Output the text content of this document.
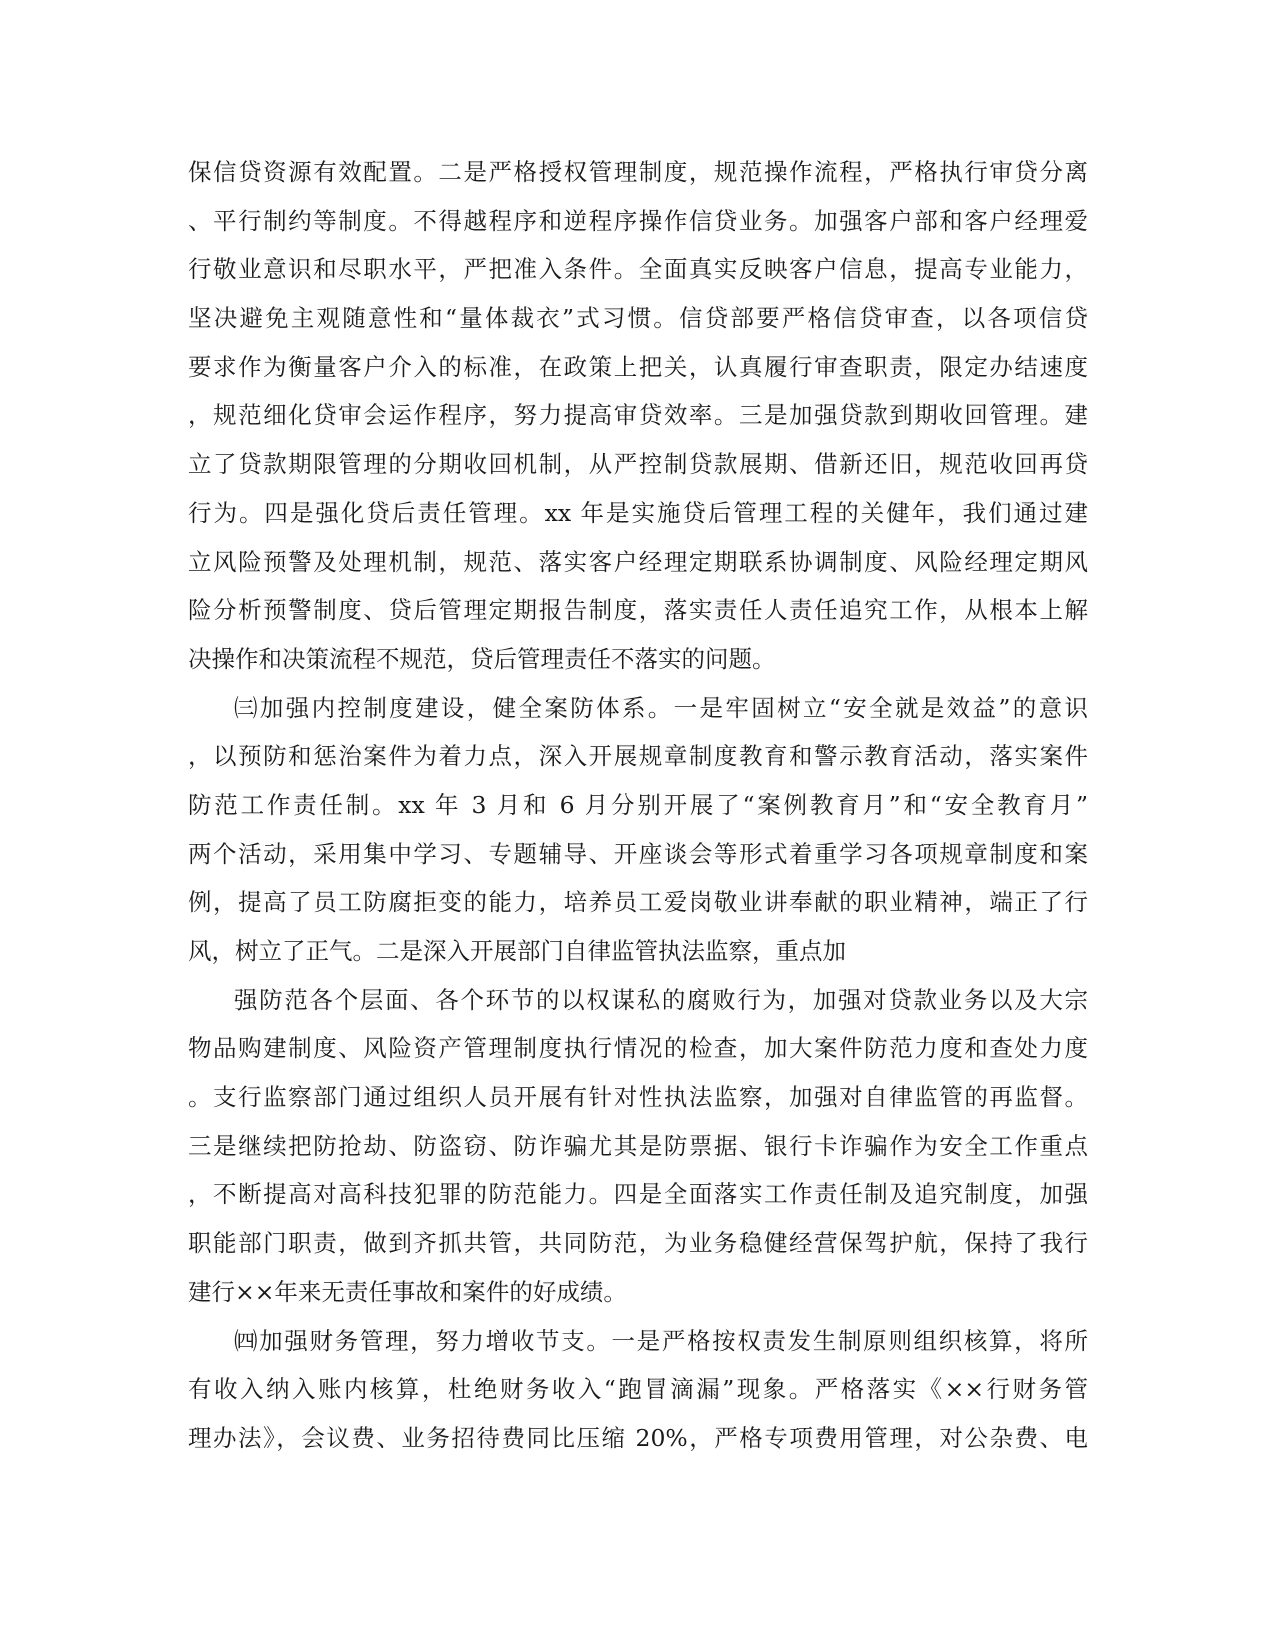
保信贷资源有效配置。二是严格授权管理制度，规范操作流程，严格执行审贷分离
、平行制约等制度。不得越程序和逆程序操作信贷业务。加强客户部和客户经理爱
行敬业意识和尽职水平，严把准入条件。全面真实反映客户信息，提高专业能力，
坚决避免主观随意性和“量体裁衣”式习惯。信贷部要严格信贷审查，以各项信贷
要求作为衡量客户介入的标准，在政策上把关，认真履行审查职责，限定办结速度
，规范细化贷审会运作程序，努力提高审贷效率。三是加强贷款到期收回管理。建
立了贷款期限管理的分期收回机制，从严控制贷款展期、借新还旧，规范收回再贷
行为。四是强化贷后责任管理。xx 年是实施贷后管理工程的关健年，我们通过建
立风险预警及处理机制，规范、落实客户经理定期联系协调制度、风险经理定期风
险分析预警制度、贷后管理定期报告制度，落实责任人责任追究工作，从根本上解
决操作和决策流程不规范，贷后管理责任不落实的问题。
㈢加强内控制度建设，健全案防体系。一是牢固树立“安全就是效益”的意识
，以预防和惩治案件为着力点，深入开展规章制度教育和警示教育活动，落实案件
防范工作责任制。xx 年 3 月和 6 月分别开展了“案例教育月”和“安全教育月”
两个活动，采用集中学习、专题辅导、开座谈会等形式着重学习各项规章制度和案
例，提高了员工防腐拒变的能力，培养员工爱岗敬业讲奉献的职业精神，端正了行
风，树立了正气。二是深入开展部门自律监管执法监察，重点加
强防范各个层面、各个环节的以权谋私的腐败行为，加强对贷款业务以及大宗
物品购建制度、风险资产管理制度执行情况的检查，加大案件防范力度和查处力度
。支行监察部门通过组织人员开展有针对性执法监察，加强对自律监管的再监督。
三是继续把防抢劫、防盗窃、防诈骗尤其是防票据、银行卡诈骗作为安全工作重点
，不断提高对高科技犯罪的防范能力。四是全面落实工作责任制及追究制度，加强
职能部门职责，做到齐抓共管，共同防范，为业务稳健经营保驾护航，保持了我行
建行××年来无责任事故和案件的好成绩。
㈣加强财务管理，努力增收节支。一是严格按权责发生制原则组织核算，将所
有收入纳入账内核算，杜绝财务收入“跑冒滴漏”现象。严格落实《××行财务管
理办法》，会议费、业务招待费同比压缩 20%，严格专项费用管理，对公杂费、电
